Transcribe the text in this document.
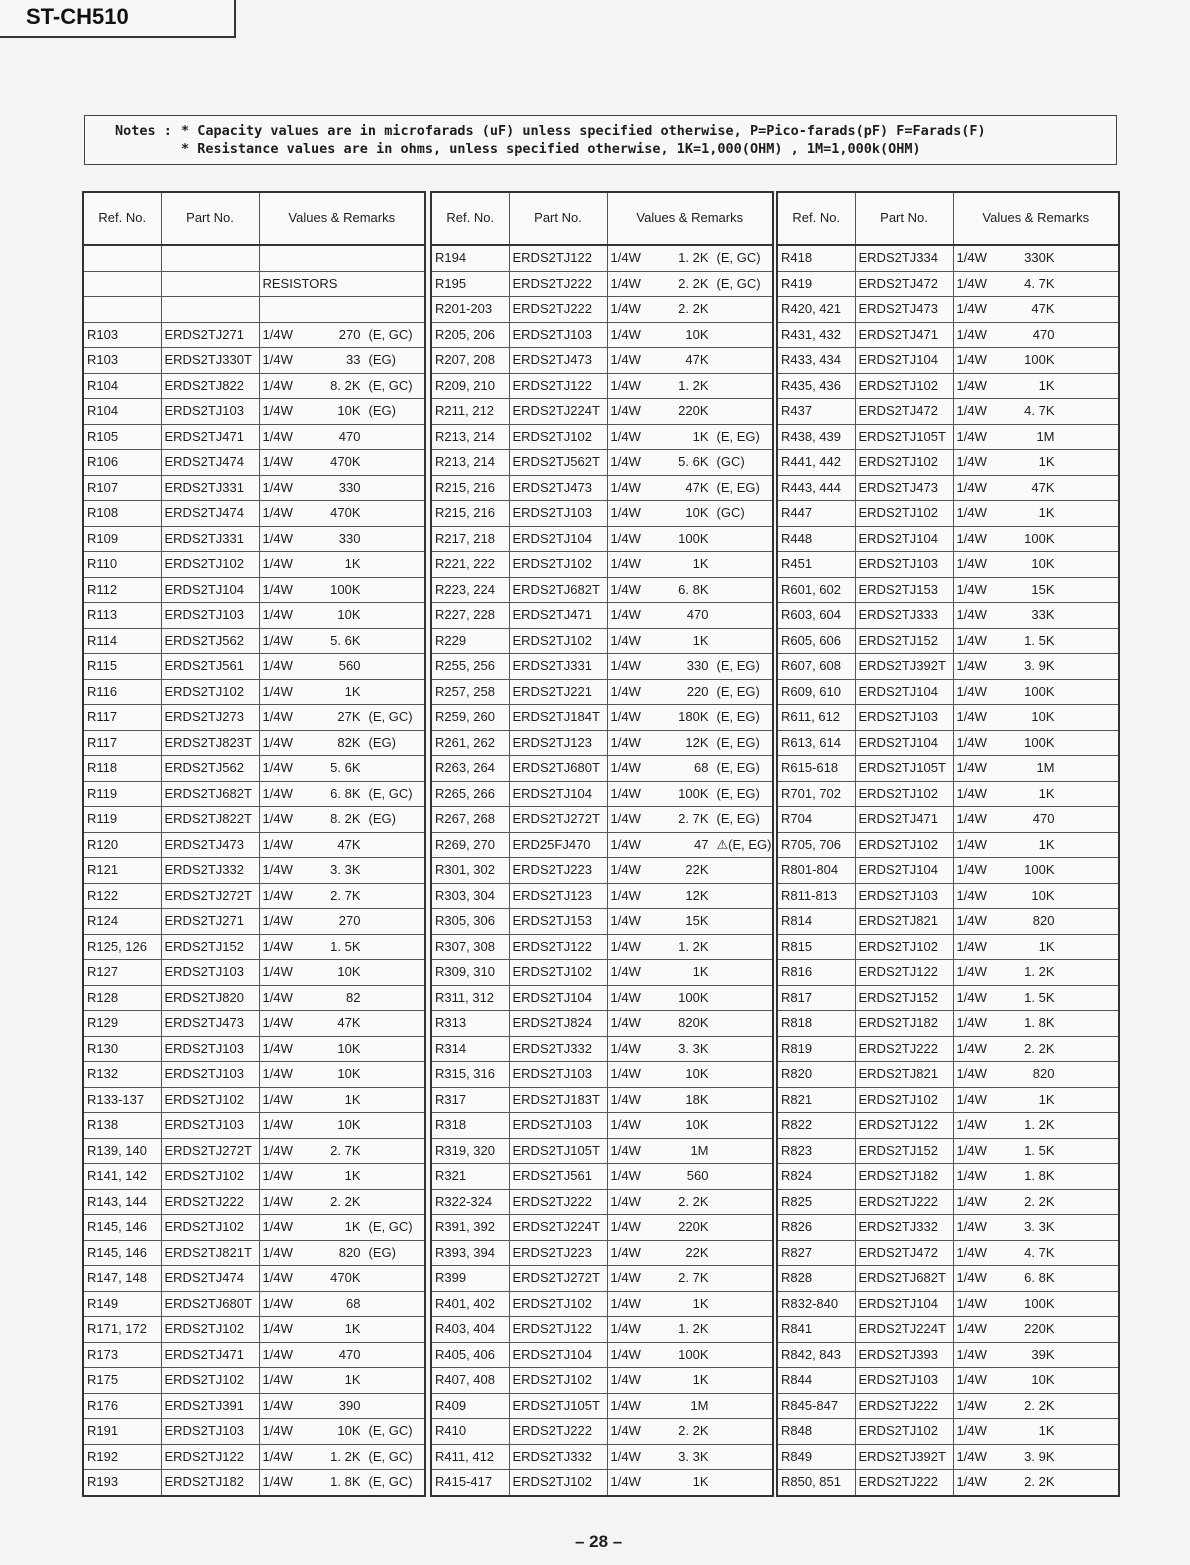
ST-CH510
Notes : * Capacity values are in microfarads (uF) unless specified otherwise, P=Pico-farads(pF) F=Farads(F)
* Resistance values are in ohms, unless specified otherwise, 1K=1,000(OHM) , 1M=1,000k(OHM)
Ref. No.	Part No.	Values & Remarks

		RESISTORS

R103	ERDS2TJ271	1/4W 270 (E, GC)
R103	ERDS2TJ330T	1/4W 33 (EG)
R104	ERDS2TJ822	1/4W 8. 2K (E, GC)
R104	ERDS2TJ103	1/4W 10K (EG)
R105	ERDS2TJ471	1/4W 470
R106	ERDS2TJ474	1/4W 470K
R107	ERDS2TJ331	1/4W 330
R108	ERDS2TJ474	1/4W 470K
R109	ERDS2TJ331	1/4W 330
R110	ERDS2TJ102	1/4W 1K
R112	ERDS2TJ104	1/4W 100K
R113	ERDS2TJ103	1/4W 10K
R114	ERDS2TJ562	1/4W 5. 6K
R115	ERDS2TJ561	1/4W 560
R116	ERDS2TJ102	1/4W 1K
R117	ERDS2TJ273	1/4W 27K (E, GC)
R117	ERDS2TJ823T	1/4W 82K (EG)
R118	ERDS2TJ562	1/4W 5. 6K
R119	ERDS2TJ682T	1/4W 6. 8K (E, GC)
R119	ERDS2TJ822T	1/4W 8. 2K (EG)
R120	ERDS2TJ473	1/4W 47K
R121	ERDS2TJ332	1/4W 3. 3K
R122	ERDS2TJ272T	1/4W 2. 7K
R124	ERDS2TJ271	1/4W 270
R125, 126	ERDS2TJ152	1/4W 1. 5K
R127	ERDS2TJ103	1/4W 10K
R128	ERDS2TJ820	1/4W 82
R129	ERDS2TJ473	1/4W 47K
R130	ERDS2TJ103	1/4W 10K
R132	ERDS2TJ103	1/4W 10K
R133-137	ERDS2TJ102	1/4W 1K
R138	ERDS2TJ103	1/4W 10K
R139, 140	ERDS2TJ272T	1/4W 2. 7K
R141, 142	ERDS2TJ102	1/4W 1K
R143, 144	ERDS2TJ222	1/4W 2. 2K
R145, 146	ERDS2TJ102	1/4W 1K (E, GC)
R145, 146	ERDS2TJ821T	1/4W 820 (EG)
R147, 148	ERDS2TJ474	1/4W 470K
R149	ERDS2TJ680T	1/4W 68
R171, 172	ERDS2TJ102	1/4W 1K
R173	ERDS2TJ471	1/4W 470
R175	ERDS2TJ102	1/4W 1K
R176	ERDS2TJ391	1/4W 390
R191	ERDS2TJ103	1/4W 10K (E, GC)
R192	ERDS2TJ122	1/4W 1. 2K (E, GC)
R193	ERDS2TJ182	1/4W 1. 8K (E, GC)
Ref. No.	Part No.	Values & Remarks
R194	ERDS2TJ122	1/4W 1. 2K (E, GC)
R195	ERDS2TJ222	1/4W 2. 2K (E, GC)
R201-203	ERDS2TJ222	1/4W 2. 2K
R205, 206	ERDS2TJ103	1/4W 10K
R207, 208	ERDS2TJ473	1/4W 47K
R209, 210	ERDS2TJ122	1/4W 1. 2K
R211, 212	ERDS2TJ224T	1/4W 220K
R213, 214	ERDS2TJ102	1/4W 1K (E, EG)
R213, 214	ERDS2TJ562T	1/4W 5. 6K (GC)
R215, 216	ERDS2TJ473	1/4W 47K (E, EG)
R215, 216	ERDS2TJ103	1/4W 10K (GC)
R217, 218	ERDS2TJ104	1/4W 100K
R221, 222	ERDS2TJ102	1/4W 1K
R223, 224	ERDS2TJ682T	1/4W 6. 8K
R227, 228	ERDS2TJ471	1/4W 470
R229	ERDS2TJ102	1/4W 1K
R255, 256	ERDS2TJ331	1/4W 330 (E, EG)
R257, 258	ERDS2TJ221	1/4W 220 (E, EG)
R259, 260	ERDS2TJ184T	1/4W 180K (E, EG)
R261, 262	ERDS2TJ123	1/4W 12K (E, EG)
R263, 264	ERDS2TJ680T	1/4W 68 (E, EG)
R265, 266	ERDS2TJ104	1/4W 100K (E, EG)
R267, 268	ERDS2TJ272T	1/4W 2. 7K (E, EG)
R269, 270	ERD25FJ470	1/4W 47 ⚠(E, EG)
R301, 302	ERDS2TJ223	1/4W 22K
R303, 304	ERDS2TJ123	1/4W 12K
R305, 306	ERDS2TJ153	1/4W 15K
R307, 308	ERDS2TJ122	1/4W 1. 2K
R309, 310	ERDS2TJ102	1/4W 1K
R311, 312	ERDS2TJ104	1/4W 100K
R313	ERDS2TJ824	1/4W 820K
R314	ERDS2TJ332	1/4W 3. 3K
R315, 316	ERDS2TJ103	1/4W 10K
R317	ERDS2TJ183T	1/4W 18K
R318	ERDS2TJ103	1/4W 10K
R319, 320	ERDS2TJ105T	1/4W 1M
R321	ERDS2TJ561	1/4W 560
R322-324	ERDS2TJ222	1/4W 2. 2K
R391, 392	ERDS2TJ224T	1/4W 220K
R393, 394	ERDS2TJ223	1/4W 22K
R399	ERDS2TJ272T	1/4W 2. 7K
R401, 402	ERDS2TJ102	1/4W 1K
R403, 404	ERDS2TJ122	1/4W 1. 2K
R405, 406	ERDS2TJ104	1/4W 100K
R407, 408	ERDS2TJ102	1/4W 1K
R409	ERDS2TJ105T	1/4W 1M
R410	ERDS2TJ222	1/4W 2. 2K
R411, 412	ERDS2TJ332	1/4W 3. 3K
R415-417	ERDS2TJ102	1/4W 1K
Ref. No.	Part No.	Values & Remarks
R418	ERDS2TJ334	1/4W 330K
R419	ERDS2TJ472	1/4W 4. 7K
R420, 421	ERDS2TJ473	1/4W 47K
R431, 432	ERDS2TJ471	1/4W 470
R433, 434	ERDS2TJ104	1/4W 100K
R435, 436	ERDS2TJ102	1/4W 1K
R437	ERDS2TJ472	1/4W 4. 7K
R438, 439	ERDS2TJ105T	1/4W 1M
R441, 442	ERDS2TJ102	1/4W 1K
R443, 444	ERDS2TJ473	1/4W 47K
R447	ERDS2TJ102	1/4W 1K
R448	ERDS2TJ104	1/4W 100K
R451	ERDS2TJ103	1/4W 10K
R601, 602	ERDS2TJ153	1/4W 15K
R603, 604	ERDS2TJ333	1/4W 33K
R605, 606	ERDS2TJ152	1/4W 1. 5K
R607, 608	ERDS2TJ392T	1/4W 3. 9K
R609, 610	ERDS2TJ104	1/4W 100K
R611, 612	ERDS2TJ103	1/4W 10K
R613, 614	ERDS2TJ104	1/4W 100K
R615-618	ERDS2TJ105T	1/4W 1M
R701, 702	ERDS2TJ102	1/4W 1K
R704	ERDS2TJ471	1/4W 470
R705, 706	ERDS2TJ102	1/4W 1K
R801-804	ERDS2TJ104	1/4W 100K
R811-813	ERDS2TJ103	1/4W 10K
R814	ERDS2TJ821	1/4W 820
R815	ERDS2TJ102	1/4W 1K
R816	ERDS2TJ122	1/4W 1. 2K
R817	ERDS2TJ152	1/4W 1. 5K
R818	ERDS2TJ182	1/4W 1. 8K
R819	ERDS2TJ222	1/4W 2. 2K
R820	ERDS2TJ821	1/4W 820
R821	ERDS2TJ102	1/4W 1K
R822	ERDS2TJ122	1/4W 1. 2K
R823	ERDS2TJ152	1/4W 1. 5K
R824	ERDS2TJ182	1/4W 1. 8K
R825	ERDS2TJ222	1/4W 2. 2K
R826	ERDS2TJ332	1/4W 3. 3K
R827	ERDS2TJ472	1/4W 4. 7K
R828	ERDS2TJ682T	1/4W 6. 8K
R832-840	ERDS2TJ104	1/4W 100K
R841	ERDS2TJ224T	1/4W 220K
R842, 843	ERDS2TJ393	1/4W 39K
R844	ERDS2TJ103	1/4W 10K
R845-847	ERDS2TJ222	1/4W 2. 2K
R848	ERDS2TJ102	1/4W 1K
R849	ERDS2TJ392T	1/4W 3. 9K
R850, 851	ERDS2TJ222	1/4W 2. 2K
– 28 –
